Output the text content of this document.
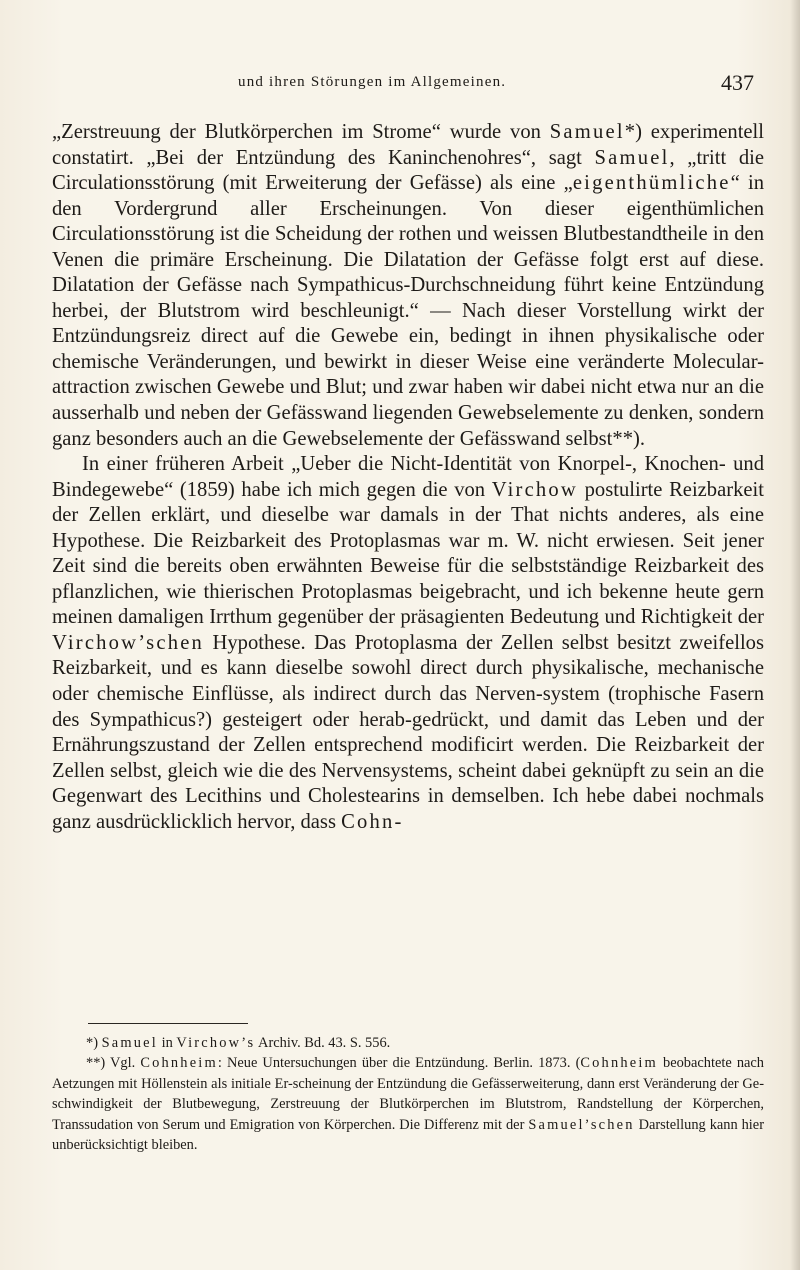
und ihren Störungen im Allgemeinen.	437

„Zerstreuung der Blutkörperchen im Strome“ wurde von Samuel*) experimentell constatirt. „Bei der Entzündung des Kaninchenohres“, sagt Samuel, „tritt die Circulationsstörung (mit Erweiterung der Gefässe) als eine „eigenthümliche“ in den Vordergrund aller Erscheinungen. Von dieser eigenthümlichen Circulationsstörung ist die Scheidung der rothen und weissen Blutbestandtheile in den Venen die primäre Erscheinung. Die Dilatation der Gefässe folgt erst auf diese. Dilatation der Gefässe nach Sympathicus-Durchschneidung führt keine Entzündung herbei, der Blutstrom wird beschleunigt.“ — Nach dieser Vorstellung wirkt der Entzündungsreiz direct auf die Gewebe ein, bedingt in ihnen physikalische oder chemische Veränderungen, und bewirkt in dieser Weise eine veränderte Molecular-attraction zwischen Gewebe und Blut; und zwar haben wir dabei nicht etwa nur an die ausserhalb und neben der Gefässwand liegenden Gewebselemente zu denken, sondern ganz besonders auch an die Gewebselemente der Gefässwand selbst**).

In einer früheren Arbeit „Ueber die Nicht-Identität von Knorpel-, Knochen- und Bindegewebe“ (1859) habe ich mich gegen die von Virchow postulirte Reizbarkeit der Zellen erklärt, und dieselbe war damals in der That nichts anderes, als eine Hypothese. Die Reizbarkeit des Protoplasmas war m. W. nicht erwiesen. Seit jener Zeit sind die bereits oben erwähnten Beweise für die selbstständige Reizbarkeit des pflanzlichen, wie thierischen Protoplasmas beigebracht, und ich bekenne heute gern meinen damaligen Irrthum gegenüber der präsagienten Bedeutung und Richtigkeit der Virchow’schen Hypothese. Das Protoplasma der Zellen selbst besitzt zweifellos Reizbarkeit, und es kann dieselbe sowohl direct durch physikalische, mechanische oder chemische Einflüsse, als indirect durch das Nerven-system (trophische Fasern des Sympathicus?) gesteigert oder herab-gedrückt, und damit das Leben und der Ernährungszustand der Zellen entsprechend modificirt werden. Die Reizbarkeit der Zellen selbst, gleich wie die des Nervensystems, scheint dabei geknüpft zu sein an die Gegenwart des Lecithins und Cholestearins in demselben. Ich hebe dabei nochmals ganz ausdrücklicklich hervor, dass Cohn-

*) Samuel in Virchow’s Archiv. Bd. 43. S. 556.

**) Vgl. Cohnheim: Neue Untersuchungen über die Entzündung. Berlin. 1873. (Cohnheim beobachtete nach Aetzungen mit Höllenstein als initiale Er-scheinung der Entzündung die Gefässerweiterung, dann erst Veränderung der Ge-schwindigkeit der Blutbewegung, Zerstreuung der Blutkörperchen im Blutstrom, Randstellung der Körperchen, Transsudation von Serum und Emigration von Körperchen. Die Differenz mit der Samuel’schen Darstellung kann hier unberücksichtigt bleiben.
